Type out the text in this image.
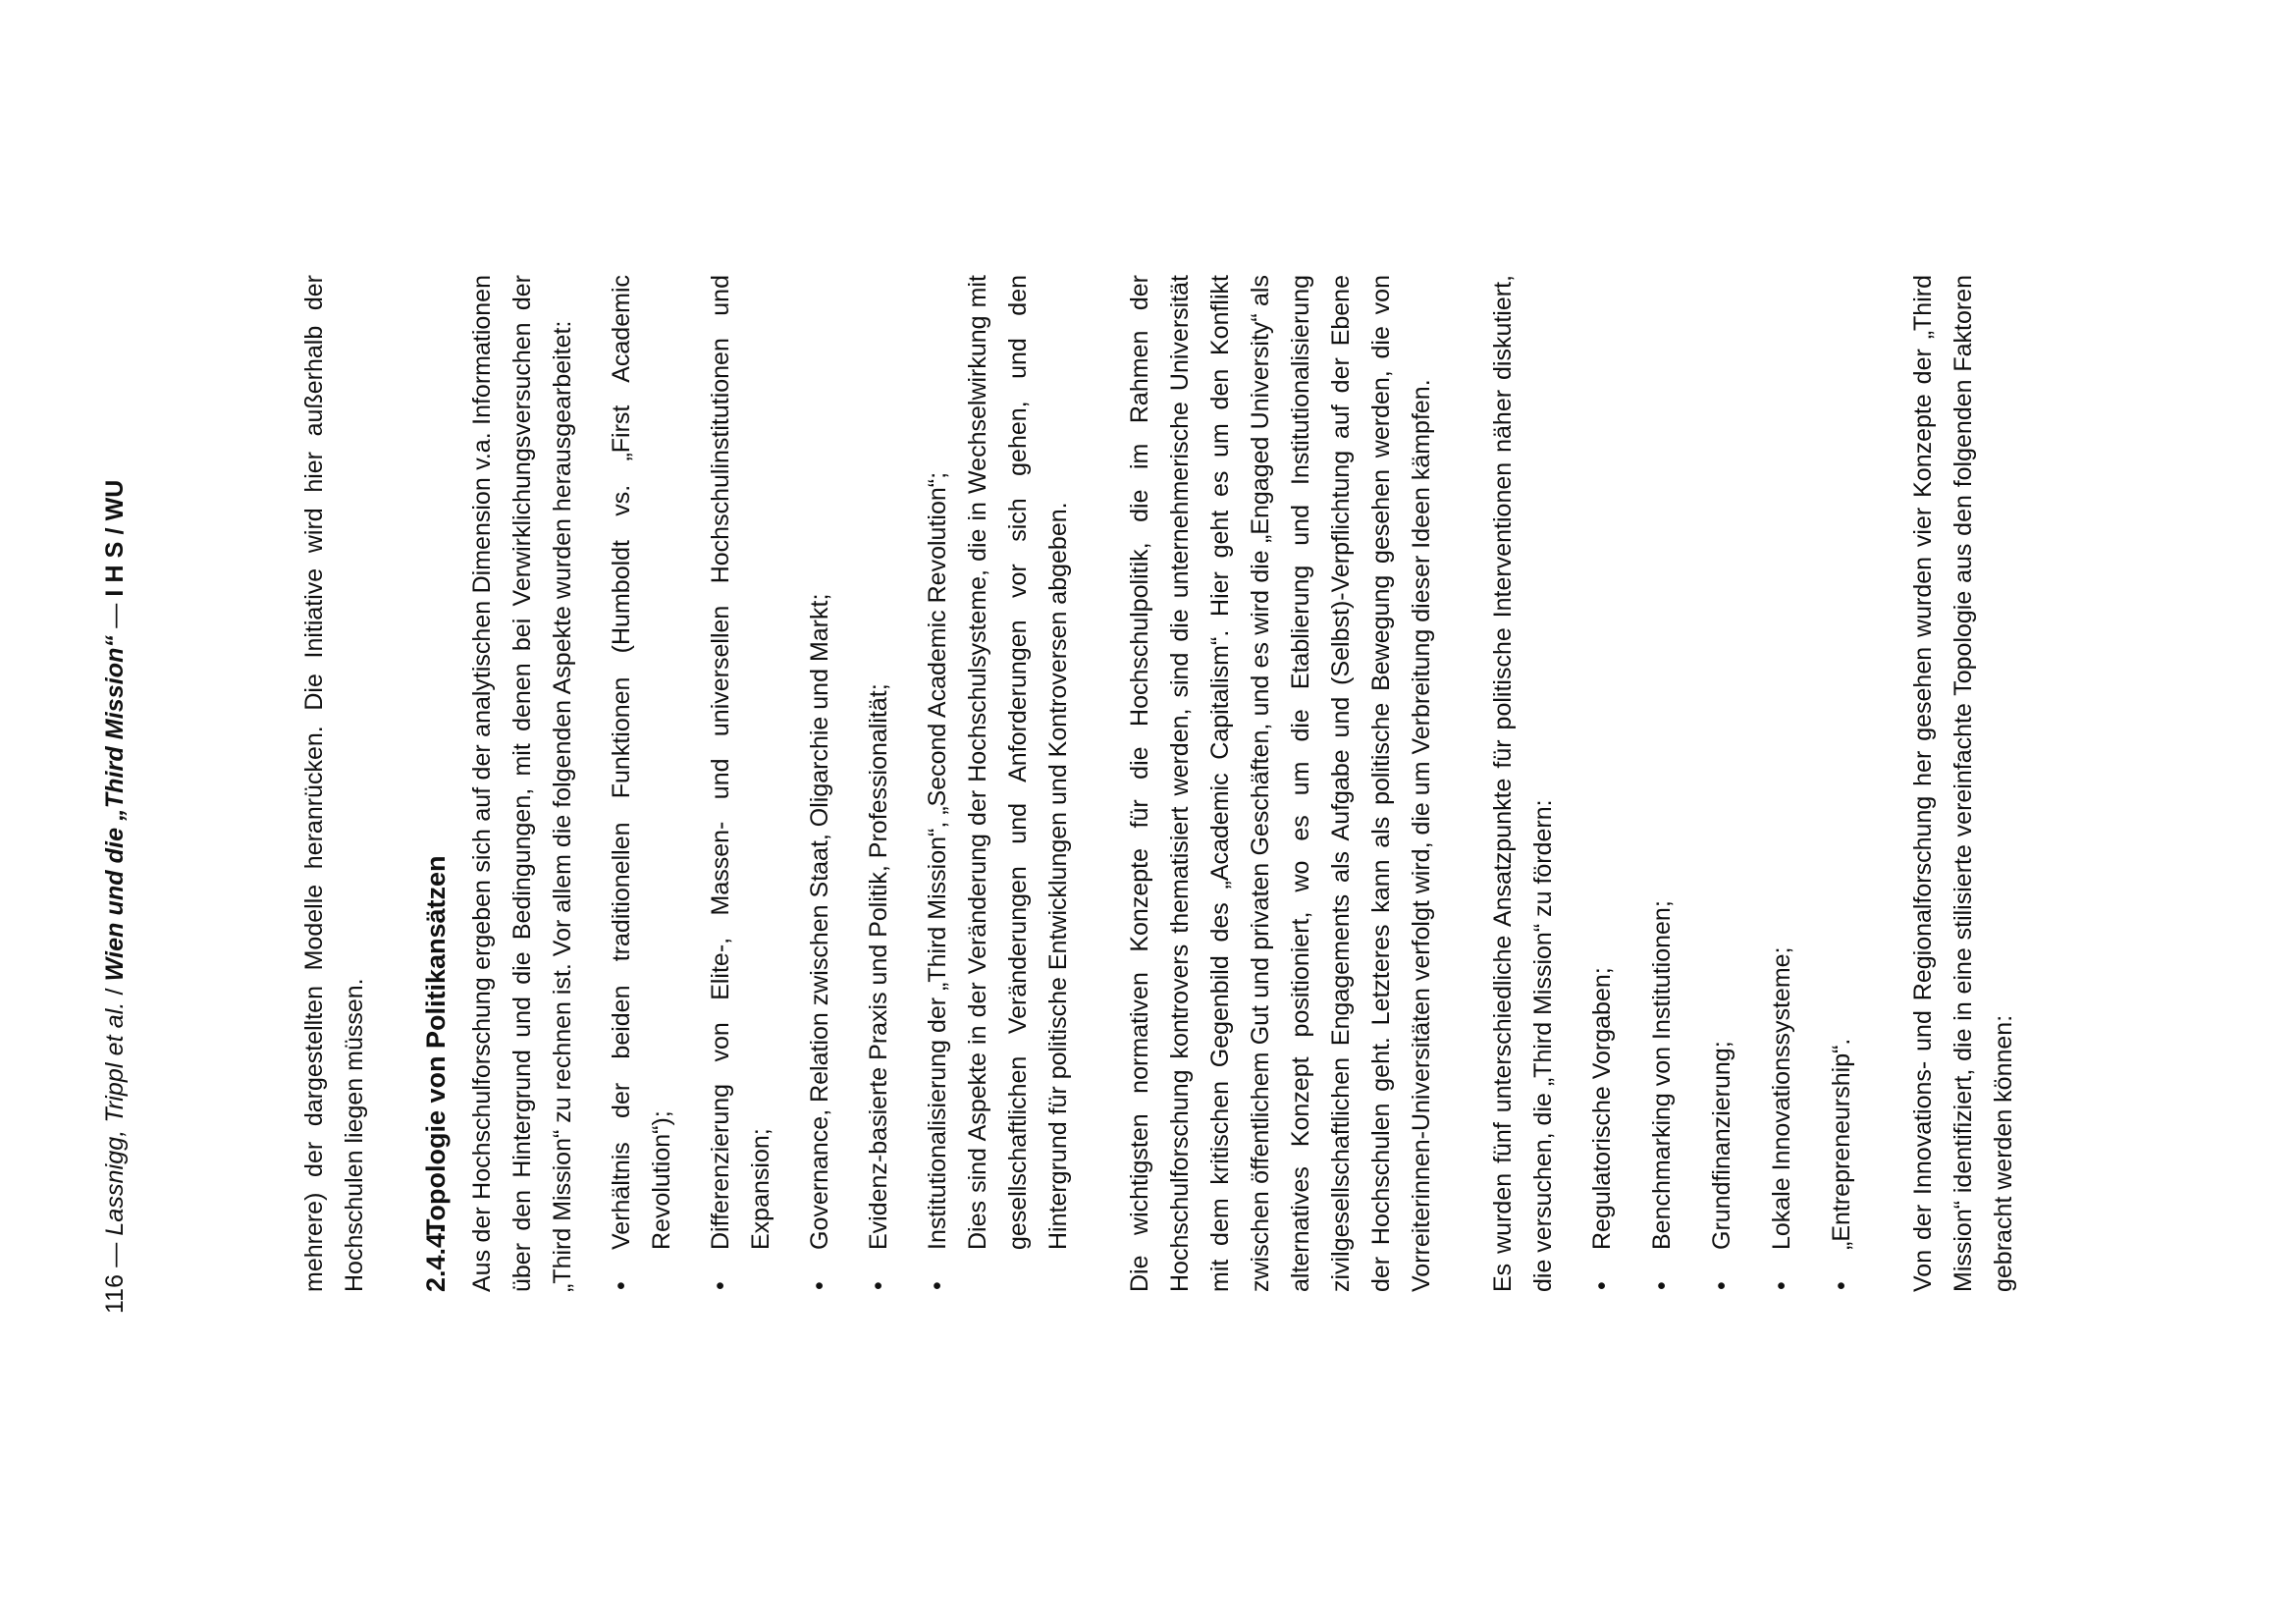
116 — Lassnigg, Trippl et al. / Wien und die „Third Mission“ — I H S / WU	mehrere) der dargestellten Modelle heranrücken. Die Initiative wird hier außerhalb der Hochschulen liegen müssen. 2.4.4.Topologie von Politikansätzen Aus der Hochschulforschung ergeben sich auf der analytischen Dimension v.a. Informationen über den Hintergrund und die Bedingungen, mit denen bei Verwirklichungsversuchen der „Third Mission“ zu rechnen ist. Vor allem die folgenden Aspekte wurden herausgearbeitet: •
Verhältnis der beiden traditionellen Funktionen (Humboldt vs. „First Academic Revolution“);
•
Differenzierung von Elite-, Massen- und universellen Hochschulinstitutionen und Expansion;
•
Governance, Relation zwischen Staat, Oligarchie und Markt;
•
Evidenz-basierte Praxis und Politik, Professionalität;
•
Institutionalisierung der „Third Mission“, „Second Academic Revolution“; Dies sind Aspekte in der Veränderung der Hochschulsysteme, die in Wechselwirkung mit gesellschaftlichen Veränderungen und Anforderungen vor sich gehen, und den Hintergrund für politische Entwicklungen und Kontroversen abgeben. Die wichtigsten normativen Konzepte für die Hochschulpolitik, die im Rahmen der Hochschulforschung kontrovers thematisiert werden, sind die unternehmerische Universität mit dem kritischen Gegenbild des „Academic Capitalism“. Hier geht es um den Konflikt zwischen öffentlichem Gut und privaten Geschäften, und es wird die „Engaged University“ als alternatives Konzept positioniert, wo es um die Etablierung und Institutionalisierung zivilgesellschaftlichen Engagements als Aufgabe und (Selbst)-Verpflichtung auf der Ebene der Hochschulen geht. Letzteres kann als politische Bewegung gesehen werden, die von Vorreiterinnen-Universitäten verfolgt wird, die um Verbreitung dieser Ideen kämpfen. Es wurden fünf unterschiedliche Ansatzpunkte für politische Interventionen näher diskutiert, die versuchen, die „Third Mission“ zu fördern: •
Regulatorische Vorgaben;
•
Benchmarking von Institutionen;
•
Grundfinanzierung;
•
Lokale Innovationssysteme;
•
„Entrepreneurship“. Von der Innovations- und Regionalforschung her gesehen wurden vier Konzepte der „Third Mission“ identifiziert, die in eine stilisierte vereinfachte Topologie aus den folgenden Faktoren gebracht werden können:
